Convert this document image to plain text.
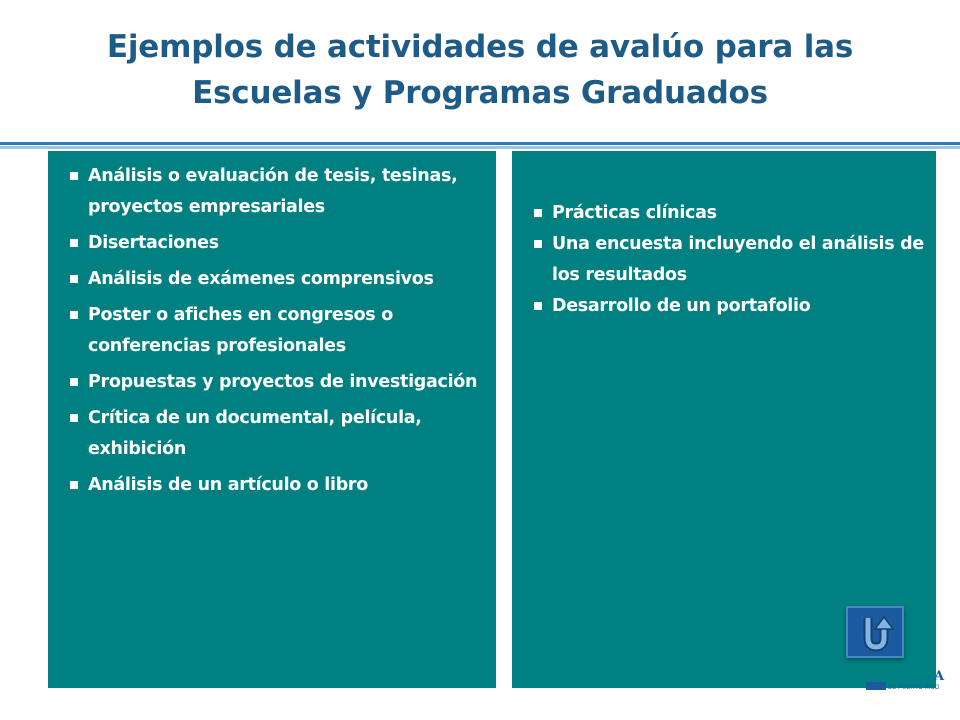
Ejemplos de actividades de avalúo para las
Escuelas y Programas Graduados
Análisis o evaluación de tesis, tesinas, proyectos empresariales
Disertaciones
Análisis de exámenes comprensivos
Poster o afiches en congresos o conferencias profesionales
Propuestas y proyectos de investigación
Crítica de un documental, película, exhibición
Análisis de un artículo o libro
Prácticas clínicas
Una encuesta incluyendo el análisis de los resultados
Desarrollo de un portafolio
A
DE PUERTO RICO
